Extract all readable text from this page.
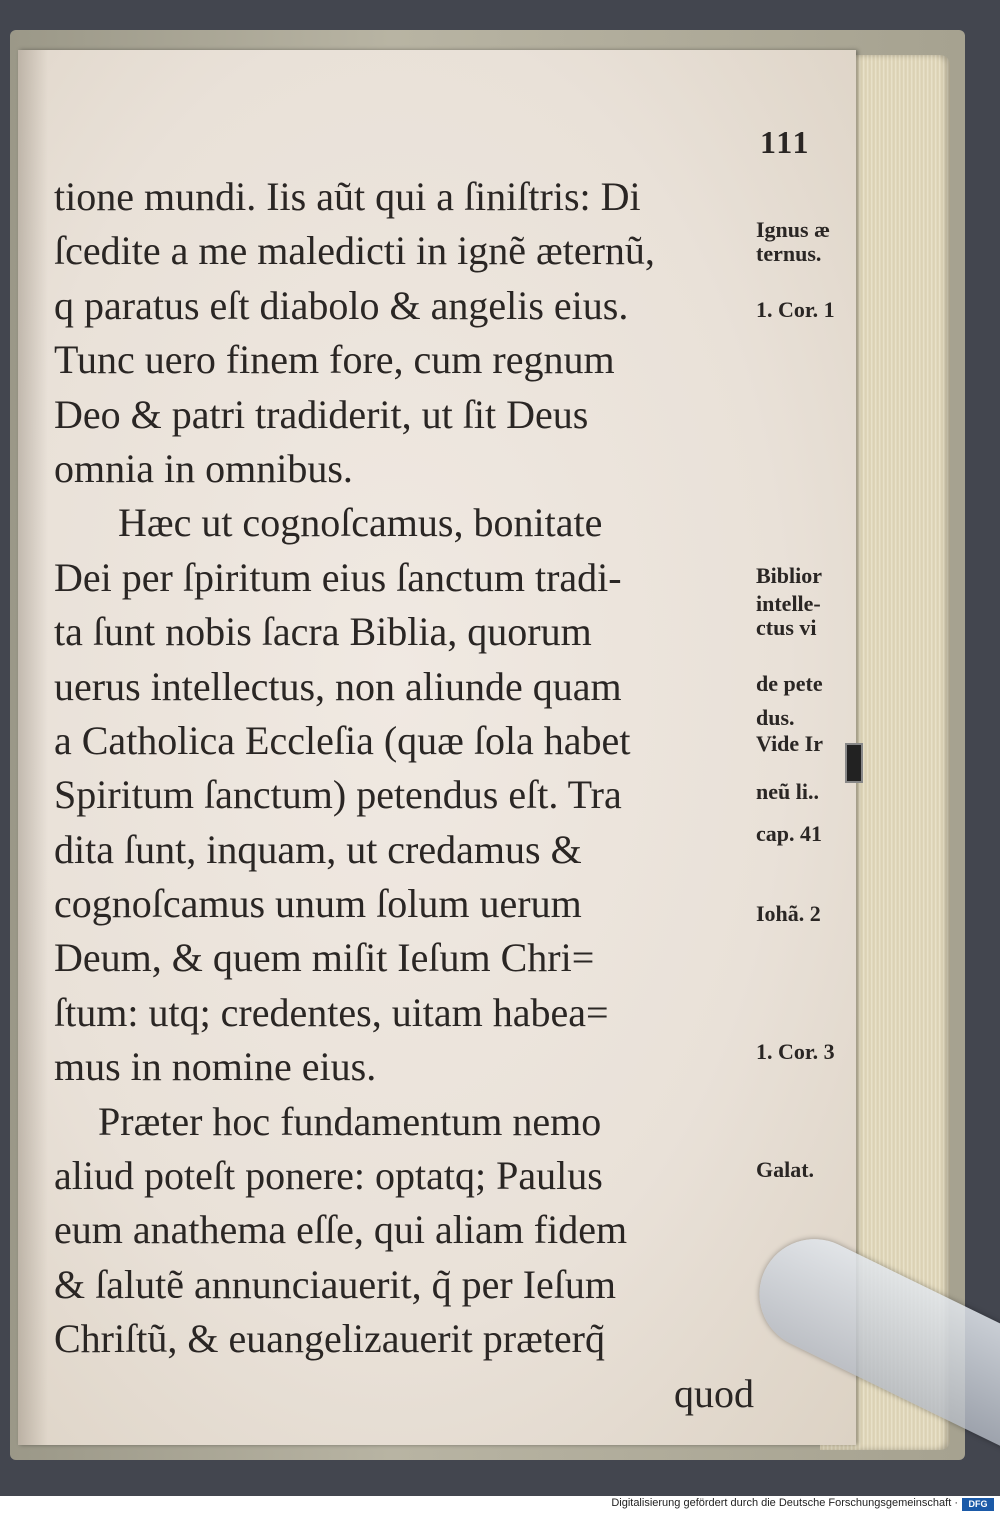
111
tione mundi. Iis aũt qui a ſiniſtris: Di
ſcedite a me maledicti in ignẽ æternũ,
q paratus eſt diabolo & angelis eius.
Tunc uero finem fore, cum regnum
Deo & patri tradiderit, ut ſit Deus
omnia in omnibus.
Hæc ut cognoſcamus, bonitate
Dei per ſpiritum eius ſanctum tradi-
ta ſunt nobis ſacra Biblia, quorum
uerus intellectus, non aliunde quam
a Catholica Eccleſia (quæ ſola habet
Spiritum ſanctum) petendus eſt. Tra
dita ſunt, inquam, ut credamus &
cognoſcamus unum ſolum uerum
Deum, & quem miſit Ieſum Chri=
ſtum: utq; credentes, uitam habea=
mus in nomine eius.
Præter hoc fundamentum nemo
aliud poteſt ponere: optatq; Paulus
eum anathema eſſe, qui aliam fidem
& ſalutẽ annunciauerit, q̃ per Ieſum
Chriſtũ, & euangelizauerit præterq̃
quod
Ignus æ
ternus.
1. Cor. 1
Biblior
intelle-
ctus vi
de pete
dus.
Vide Ir
neũ li..
cap. 41
Iohã. 2
1. Cor. 3
Galat.
Digitalisierung gefördert durch die Deutsche Forschungsgemeinschaft ·	DFG
